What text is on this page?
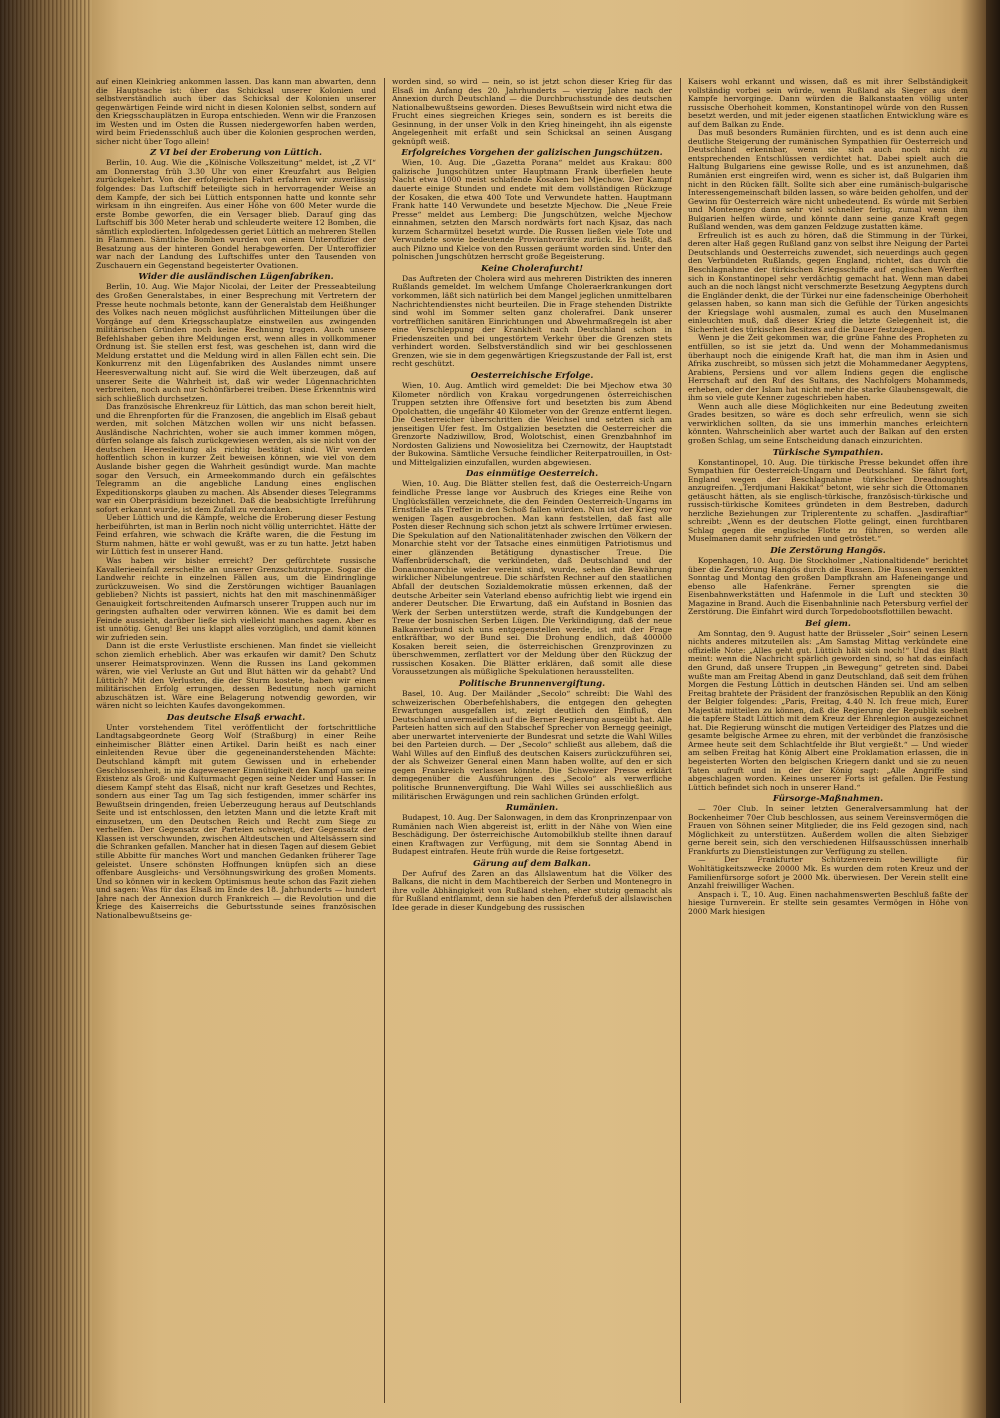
auf einen Kleinkrieg ankommen lassen. Das kann man abwarten, denn die Hauptsache ist: über das Schicksal unserer Kolonien und selbstverständlich auch über das Schicksal der Kolonien unserer gegenwärtigen Feinde wird nicht in diesen Kolonien selbst, sondern auf den Kriegsschauplätzen in Europa entschieden. Wenn wir die Franzosen im Westen und im Osten die Russen niedergeworfen haben werden, wird beim Friedensschluß auch über die Kolonien gesprochen werden, sicher nicht über Togo allein!

Z VI bei der Eroberung von Lüttich.

Berlin, 10. Aug. Wie die „Kölnische Volkszeitung“ meldet, ist „Z VI“ am Donnerstag früh 3.30 Uhr von einer Kreuzfahrt aus Belgien zurückgekehrt. Von der erfolgreichen Fahrt erfahren wir zuverlässig folgendes: Das Luftschiff beteiligte sich in hervorragender Weise an dem Kampfe, der sich bei Lüttich entsponnen hatte und konnte sehr wirksam in ihn eingreifen. Aus einer Höhe von 600 Meter wurde die erste Bombe geworfen, die ein Versager blieb. Darauf ging das Luftschiff bis 300 Meter herab und schleuderte weitere 12 Bomben, die sämtlich explodierten. Infolgedessen geriet Lüttich an mehreren Stellen in Flammen. Sämtliche Bomben wurden von einem Unteroffizier der Besatzung aus der hinteren Gondel herabgeworfen. Der Unteroffizier war nach der Landung des Luftschiffes unter den Tausenden von Zuschauern ein Gegenstand begeisterter Ovationen.

Wider die ausländischen Lügenfabriken.

Berlin, 10. Aug. Wie Major Nicolai, der Leiter der Presseabteilung des Großen Generalstabes, in einer Besprechung mit Vertretern der Presse heute nochmals betonte, kann der Generalstab dem Heißhunger des Volkes nach neuen möglichst ausführlichen Mitteilungen über die Vorgänge auf dem Kriegsschauplatze einstweilen aus zwingenden militärischen Gründen noch keine Rechnung tragen. Auch unsere Befehlshaber geben ihre Meldungen erst, wenn alles in vollkommener Ordnung ist. Sie stellen erst fest, was geschehen ist, dann wird die Meldung erstattet und die Meldung wird in allen Fällen echt sein. Die Konkurrenz mit den Lügenfabriken des Auslandes nimmt unsere Heeresverwaltung nicht auf. Sie wird die Welt überzeugen, daß auf unserer Seite die Wahrheit ist, daß wir weder Lügennachrichten verbreiten, noch auch nur Schönfärberei treiben. Diese Erkenntnis wird sich schließlich durchsetzen.

Das französische Ehrenkreuz für Lüttich, das man schon bereit hielt, und die Ehrenpforten für die Franzosen, die angeblich im Elsaß gebaut werden, mit solchen Mätzchen wollen wir uns nicht befassen. Ausländische Nachrichten, woher sie auch immer kommen mögen, dürfen solange als falsch zurückgewiesen werden, als sie nicht von der deutschen Heeresleitung als richtig bestätigt sind. Wir werden hoffentlich schon in kurzer Zeit beweisen können, wie viel von dem Auslande bisher gegen die Wahrheit gesündigt wurde. Man machte sogar den Versuch, ein Armeekommando durch ein gefälschtes Telegramm an die angebliche Landung eines englischen Expeditionskorps glauben zu machen. Als Absender dieses Telegramms war ein Oberpräsidium bezeichnet. Daß die beabsichtigte Irreführung sofort erkannt wurde, ist dem Zufall zu verdanken.

Ueber Lüttich und die Kämpfe, welche die Eroberung dieser Festung herbeiführten, ist man in Berlin noch nicht völlig unterrichtet. Hätte der Feind erfahren, wie schwach die Kräfte waren, die die Festung im Sturm nahmen, hätte er wohl gewußt, was er zu tun hatte. Jetzt haben wir Lüttich fest in unserer Hand.

Was haben wir bisher erreicht? Der gefürchtete russische Kavallerieeinfall zerschellte an unserer Grenzschutztruppe. Sogar die Landwehr reichte in einzelnen Fällen aus, um die Eindringlinge zurückzuweisen. Wo sind die Zerstörungen wichtiger Bauanlagen geblieben? Nichts ist passiert, nichts hat den mit maschinenmäßiger Genauigkeit fortschreitenden Aufmarsch unserer Truppen auch nur im geringsten aufhalten oder verwirren können. Wie es damit bei dem Feinde aussieht, darüber ließe sich vielleicht manches sagen. Aber es ist unnötig. Genug! Bei uns klappt alles vorzüglich, und damit können wir zufrieden sein.

Dann ist die erste Verlustliste erschienen. Man findet sie vielleicht schon ziemlich erheblich. Aber was erkaufen wir damit? Den Schutz unserer Heimatsprovinzen. Wenn die Russen ins Land gekommen wären, wie viel Verluste an Gut und Blut hätten wir da gehabt? Und Lüttich? Mit den Verlusten, die der Sturm kostete, haben wir einen militärischen Erfolg errungen, dessen Bedeutung noch garnicht abzuschätzen ist. Wäre eine Belagerung notwendig geworden, wir wären nicht so leichten Kaufes davongekommen.

Das deutsche Elsaß erwacht.

Unter vorstehendem Titel veröffentlicht der fortschrittliche Landtagsabgeordnete Georg Wolf (Straßburg) in einer Reihe einheimischer Blätter einen Artikel. Darin heißt es nach einer einleitenden Revue über die gegeneinanderstehenden Mächte: Deutschland kämpft mit gutem Gewissen und in erhebender Geschlossenheit, in nie dagewesener Einmütigkeit den Kampf um seine Existenz als Groß- und Kulturmacht gegen seine Neider und Hasser. In diesem Kampf steht das Elsaß, nicht nur kraft Gesetzes und Rechtes, sondern aus einer Tag um Tag sich festigenden, immer schärfer ins Bewußtsein dringenden, freien Ueberzeugung heraus auf Deutschlands Seite und ist entschlossen, den letzten Mann und die letzte Kraft mit einzusetzen, um den Deutschen Reich und Recht zum Siege zu verhelfen. Der Gegensatz der Parteien schweigt, der Gegensatz der Klassen ist verschwunden, zwischen Altdeutschen und Altelsässern sind die Schranken gefallen. Mancher hat in diesen Tagen auf diesem Gebiet stille Abbitte für manches Wort und manchen Gedanken früherer Tage geleistet. Unsere schönsten Hoffnungen knüpfen sich an diese offenbare Ausgleichs- und Versöhnungswirkung des großen Moments. Und so können wir in keckem Optimismus heute schon das Fazit ziehen und sagen: Was für das Elsaß im Ende des 18. Jahrhunderts — hundert Jahre nach der Annexion durch Frankreich — die Revolution und die Kriege des Kaiserreichs die Geburtsstunde seines französischen Nationalbewußtseins ge-

worden sind, so wird — nein, so ist jetzt schon dieser Krieg für das Elsaß im Anfang des 20. Jahrhunderts — vierzig Jahre nach der Annexion durch Deutschland — die Durchbruchsstunde des deutschen Nationalbewußtseins geworden. Dieses Bewußtsein wird nicht etwa die Frucht eines siegreichen Krieges sein, sondern es ist bereits die Gesinnung, in der unser Volk in den Krieg hineingeht, ihn als eigenste Angelegenheit mit erfaßt und sein Schicksal an seinen Ausgang geknüpft weiß.

Erfolgreiches Vorgehen der galizischen Jungschützen.

Wien, 10. Aug. Die „Gazetta Porana“ meldet aus Krakau: 800 galizische Jungschützen unter Hauptmann Frank überfielen heute Nacht etwa 1000 meist schlafende Kosaken bei Mjechow. Der Kampf dauerte einige Stunden und endete mit dem vollständigen Rückzuge der Kosaken, die etwa 400 Tote und Verwundete hatten. Hauptmann Frank hatte 140 Verwundete und besetzte Mjechow. Die „Neue Freie Presse“ meldet aus Lemberg: Die Jungschützen, welche Mjechow einnahmen, setzten den Marsch nordwärts fort nach Kjsaz, das nach kurzem Scharmützel besetzt wurde. Die Russen ließen viele Tote und Verwundete sowie bedeutende Proviantvorräte zurück. Es heißt, daß auch Pilzno und Kielce von den Russen geräumt worden sind. Unter den polnischen Jungschützen herrscht große Begeisterung.

Keine Cholerafurcht!

Das Auftreten der Cholera wird aus mehreren Distrikten des inneren Rußlands gemeldet. Im welchem Umfange Choleraerkrankungen dort vorkommen, läßt sich natürlich bei dem Mangel jeglichen unmittelbaren Nachrichtendienstes nicht beurteilen. Die in Frage stehenden Distrikte sind wohl im Sommer selten ganz cholerafrei. Dank unserer vortrefflichen sanitären Einrichtungen und Abwehrmaßregeln ist aber eine Verschleppung der Krankheit nach Deutschland schon in Friedenszeiten und bei ungestörtem Verkehr über die Grenzen stets verhindert worden. Selbstverständlich sind wir bei geschlossenen Grenzen, wie sie in dem gegenwärtigen Kriegszustande der Fall ist, erst recht geschützt.

Oesterreichische Erfolge.

Wien, 10. Aug. Amtlich wird gemeldet: Die bei Mjechow etwa 30 Kilometer nördlich von Krakau vorgedrungenen österreichischen Truppen setzten ihre Offensive fort und besetzten bis zum Abend Opolchatten, die ungefähr 40 Kilometer von der Grenze entfernt liegen. Die Oesterreicher überschritten die Weichsel und setzten sich am jenseitigen Ufer fest. Im Ostgalizien besetzten die Oesterreicher die Grenzorte Nadziwillow, Brod, Wolotschist, einen Grenzbahnhof im Nordosten Galiziens und Nowosielitza bei Czernowitz, der Hauptstadt der Bukowina. Sämtliche Versuche feindlicher Reiterpatrouillen, in Ost- und Mittelgalizien einzufallen, wurden abgewiesen.

Das einmütige Oesterreich.

Wien, 10. Aug. Die Blätter stellen fest, daß die Oesterreich-Ungarn feindliche Presse lange vor Ausbruch des Krieges eine Reihe von Unglücksfällen verzeichnete, die den Feinden Oesterreich-Ungarns im Ernstfalle als Treffer in den Schoß fallen würden. Nun ist der Krieg vor wenigen Tagen ausgebrochen. Man kann feststellen, daß fast alle Posten dieser Rechnung sich schon jetzt als schwere Irrtümer erwiesen. Die Spekulation auf den Nationalitätenhader zwischen den Völkern der Monarchie steht vor der Tatsache eines einmütigen Patriotismus und einer glänzenden Betätigung dynastischer Treue. Die Waffenbrüderschaft, die verkündeten, daß Deutschland und der Donaumonarchie wieder vereint sind, wurde, sehen die Bewährung wirklicher Nibelungentreue. Die schärfsten Rechner auf den staatlichen Abfall der deutschen Sozialdemokratie müssen erkennen, daß der deutsche Arbeiter sein Vaterland ebenso aufrichtig liebt wie irgend ein anderer Deutscher. Die Erwartung, daß ein Aufstand in Bosnien das Werk der Serben unterstützen werde, straft die Kundgebungen der Treue der bosnischen Serben Lügen. Die Verkündigung, daß der neue Balkanvierbund sich uns entgegenstellen werde, ist mit der Frage entkräftbar, wo der Bund sei. Die Drohung endlich, daß 400000 Kosaken bereit seien, die österreichischen Grenzprovinzen zu überschwemmen, zerflattert vor der Meldung über den Rückzug der russischen Kosaken. Die Blätter erklären, daß somit alle diese Voraussetzungen als müßigliche Spekulationen herausstellten.

Politische Brunnenvergiftung.

Basel, 10. Aug. Der Mailänder „Secolo“ schreibt: Die Wahl des schweizerischen Oberbefehlshabers, die entgegen den gehegten Erwartungen ausgefallen ist, zeigt deutlich den Einfluß, den Deutschland unvermeidlich auf die Berner Regierung ausgeübt hat. Alle Parteien hatten sich auf den Stabschef Sprecher von Bernegg geeinigt, aber unerwartet intervenierte der Bundesrat und setzte die Wahl Willes bei den Parteien durch. — Der „Secolo“ schließt aus allebem, daß die Wahl Willes auf den Einfluß des deutschen Kaisers zurückzuführen sei, der als Schweizer General einen Mann haben wollte, auf den er sich gegen Frankreich verlassen könnte. Die Schweizer Presse erklärt demgegenüber die Ausführungen des „Secolo“ als verwerfliche politische Brunnenvergiftung. Die Wahl Willes sei ausschließlich aus militärischen Erwägungen und rein sachlichen Gründen erfolgt.

Rumänien.

Budapest, 10. Aug. Der Salonwagen, in dem das Kronprinzenpaar von Rumänien nach Wien abgereist ist, erlitt in der Nähe von Wien eine Beschädigung. Der österreichische Automobilklub stellte ihnen darauf einen Kraftwagen zur Verfügung, mit dem sie Sonntag Abend in Budapest eintrafen. Heute früh wurde die Reise fortgesetzt.

Gärung auf dem Balkan.

Der Aufruf des Zaren an das Allslawentum hat die Völker des Balkans, die nicht in dem Machtbereich der Serben und Montenegro in ihre volle Abhängigkeit von Rußland stehen, eher stutzig gemacht als für Rußland entflammt, denn sie haben den Pferdefuß der allslawischen Idee gerade in dieser Kundgebung des russischen

Kaisers wohl erkannt und wissen, daß es mit ihrer Selbständigkeit vollständig vorbei sein würde, wenn Rußland als Sieger aus dem Kampfe hervorginge. Dann würden die Balkanstaaten völlig unter russische Oberhoheit kommen, Konstantinopel würde von den Russen besetzt werden, und mit jeder eigenen staatlichen Entwicklung wäre es auf dem Balkan zu Ende.

Das muß besonders Rumänien fürchten, und es ist denn auch eine deutliche Steigerung der rumänischen Sympathien für Oesterreich und Deutschland erkennbar, wenn sie sich auch noch nicht zu entsprechenden Entschlüssen verdichtet hat. Dabei spielt auch die Haltung Bulgariens eine gewisse Rolle, und es ist anzunehmen, daß Rumänien erst eingreifen wird, wenn es sicher ist, daß Bulgarien ihm nicht in den Rücken fällt. Sollte sich aber eine rumänisch-bulgarische Interessengemeinschaft bilden lassen, so wäre beiden geholfen, und der Gewinn für Oesterreich wäre nicht unbedeutend. Es würde mit Serbien und Montenegro dann sehr viel schneller fertig, zumal wenn ihm Bulgarien helfen würde, und könnte dann seine ganze Kraft gegen Rußland wenden, was dem ganzen Feldzuge zustatten käme.

Erfreulich ist es auch zu hören, daß die Stimmung in der Türkei, deren alter Haß gegen Rußland ganz von selbst ihre Neigung der Partei Deutschlands und Oesterreichs zuwendet, sich neuerdings auch gegen den Verbündeten Rußlands, gegen England, richtet, das durch die Beschlagnahme der türkischen Kriegsschiffe auf englischen Werften sich in Konstantinopel sehr verdächtig gemacht hat. Wenn man dabei auch an die noch längst nicht verschmerzte Besetzung Aegyptens durch die Engländer denkt, die der Türkei nur eine fadenscheinige Oberhoheit gelassen haben, so kann man sich die Gefühle der Türken angesichts der Kriegslage wohl ausmalen, zumal es auch den Muselmanen einleuchten muß, daß dieser Krieg die letzte Gelegenheit ist, die Sicherheit des türkischen Besitzes auf die Dauer festzulegen.

Wenn je die Zeit gekommen war, die grüne Fahne des Propheten zu entfüllen, so ist sie jetzt da. Und wenn der Mohammedanismus überhaupt noch die einigende Kraft hat, die man ihm in Asien und Afrika zuschreibt, so müssen sich jetzt die Mohammedaner Aegyptens, Arabiens, Persiens und vor allem Indiens gegen die englische Herrschaft auf den Ruf des Sultans, des Nachfolgers Mohammeds, erheben, oder der Islam hat nicht mehr die starke Glaubensgewalt, die ihm so viele gute Kenner zugeschrieben haben.

Wenn auch alle diese Möglichkeiten nur eine Bedeutung zweiten Grades besitzen, so wäre es doch sehr erfreulich, wenn sie sich verwirklichen sollten, da sie uns immerhin manches erleichtern könnten. Wahrscheinlich aber wartet auch der Balkan auf den ersten großen Schlag, um seine Entscheidung danach einzurichten.

Türkische Sympathien.

Konstantinopel, 10. Aug. Die türkische Presse bekundet offen ihre Sympathien für Oesterreich-Ungarn und Deutschland. Sie fährt fort, England wegen der Beschlagnahme türkischer Dreadnoughts anzugreifen. „Terdjumani Hakikat“ betont, wie sehr sich die Ottomanen getäuscht hätten, als sie englisch-türkische, französisch-türkische und russisch-türkische Komitees gründeten in dem Bestreben, dadurch herzliche Beziehungen zur Triplerentente zu schaffen. „Jasdiraftiar“ schreibt: „Wenn es der deutschen Flotte gelingt, einen furchtbaren Schlag gegen die englische Flotte zu führen, so werden alle Muselmanen damit sehr zufrieden und getröstet.“

Die Zerstörung Hangös.

Kopenhagen, 10. Aug. Die Stockholmer „Nationaltidende“ berichtet über die Zerstörung Hangös durch die Russen. Die Russen versenkten Sonntag und Montag den großen Dampfkrahn am Hafeneingange und ebenso alle Hafenkräne. Ferner sprengten sie die Eisenbahnwerkstätten und Hafenmole in die Luft und steckten 30 Magazine in Brand. Auch die Eisenbahnlinie nach Petersburg verfiel der Zerstörung. Die Einfahrt wird durch Torpedobootsflottillen bewacht.

Bei giem.

Am Sonntag, den 9. August hatte der Brüsseler „Soir“ seinen Lesern nichts anderes mitzuteilen als: „Am Samstag Mittag verkündete eine offizielle Note: „Alles geht gut. Lüttich hält sich noch!“ Und das Blatt meint: wenn die Nachricht spärlich geworden sind, so hat das einfach den Grund, daß unsere Truppen „in Bewegung“ getreten sind. Dabei wußte man am Freitag Abend in ganz Deutschland, daß seit dem frühen Morgen die Festung Lüttich in deutschen Händen sei. Und am selben Freitag brahtete der Präsident der französischen Republik an den König der Belgier folgendes: „Paris, Freitag, 4.40 N. Ich freue mich, Eurer Majestät mitteilen zu können, daß die Regierung der Republik soeben die tapfere Stadt Lüttich mit dem Kreuz der Ehrenlegion ausgezeichnet hat. Die Regierung wünscht die mutigen Verteidiger des Platzes und die gesamte belgische Armee zu ehren, mit der verbündet die französische Armee heute seit dem Schlachtfelde ihr Blut vergießt.“ — Und wieder am selben Freitag hat König Albert eine Proklamation erlassen, die in begeisterten Worten den belgischen Kriegern dankt und sie zu neuen Taten aufruft und in der der König sagt: „Alle Angriffe sind abgeschlagen worden. Keines unserer Forts ist gefallen. Die Festung Lüttich befindet sich noch in unserer Hand.“

Fürsorge-Maßnahmen.

— 70er Club. In seiner letzten Generalversammlung hat der Bockenheimer 70er Club beschlossen, aus seinem Vereinsvermögen die Frauen von Söhnen seiner Mitglieder, die ins Feld gezogen sind, nach Möglichkeit zu unterstützen. Außerdem wollen die alten Siebziger gerne bereit sein, sich den verschiedenen Hilfsausschüssen innerhalb Frankfurts zu Dienstleistungen zur Verfügung zu stellen.

— Der Frankfurter Schützenverein bewilligte für Wohltätigkeitszwecke 20000 Mk. Es wurden dem roten Kreuz und der Familienfürsorge sofort je 2000 Mk. überwiesen. Der Verein stellt eine Anzahl freiwilliger Wachen.

Anspach i. T., 10. Aug. Einen nachahmenswerten Beschluß faßte der hiesige Turnverein. Er stellte sein gesamtes Vermögen in Höhe von 2000 Mark hiesigen
